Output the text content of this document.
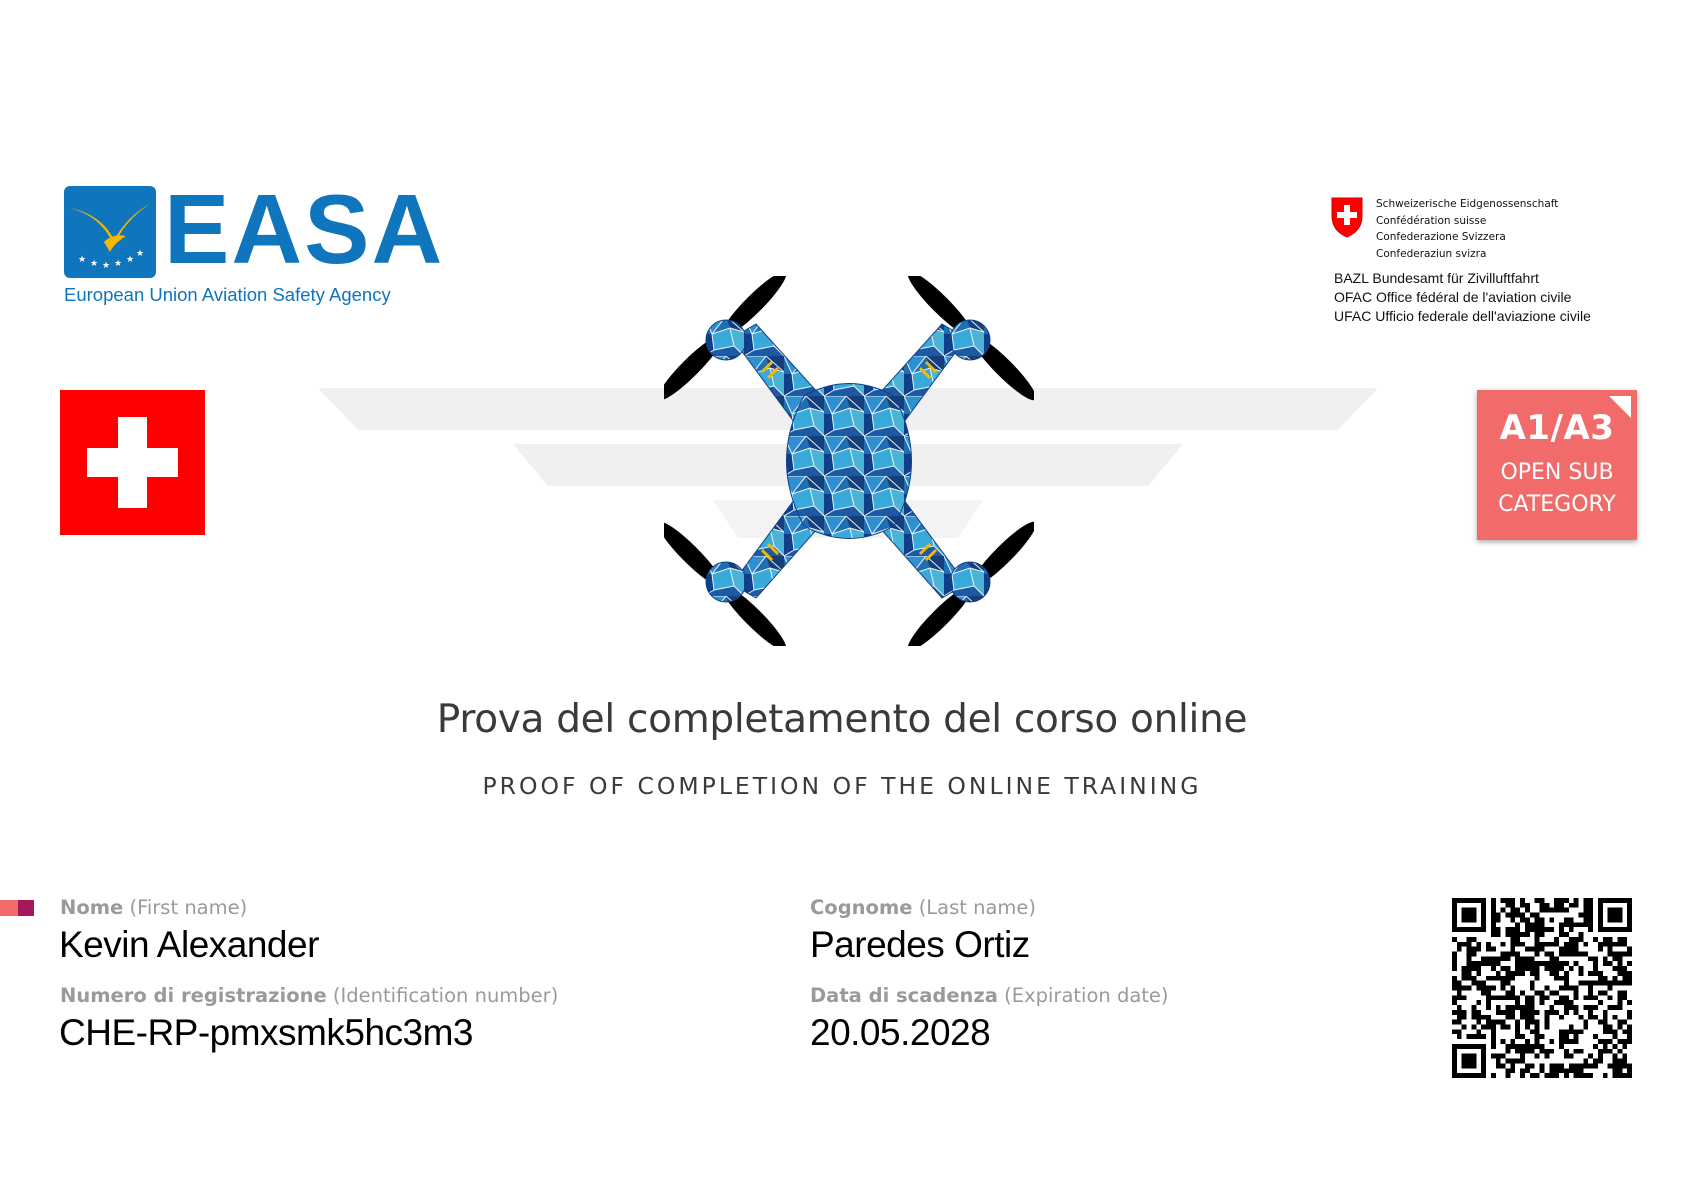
★ ★ ★ ★ ★
★ EASA
European Union Aviation Safety Agency
Schweizerische Eidgenossenschaft
Confédération suisse
Confederazione Svizzera
Confederaziun svizra
BAZL Bundesamt für Zivilluftfahrt
OFAC Office fédéral de l'aviation civile
UFAC Ufficio federale dell'aviazione civile
A1/A3
OPEN SUB
CATEGORY
Prova del completamento del corso online
PROOF OF COMPLETION OF THE ONLINE TRAINING
Nome (First name)
Kevin Alexander
Numero di registrazione (Identification number)
CHE-RP-pmxsmk5hc3m3
Cognome (Last name)
Paredes Ortiz
Data di scadenza (Expiration date)
20.05.2028
